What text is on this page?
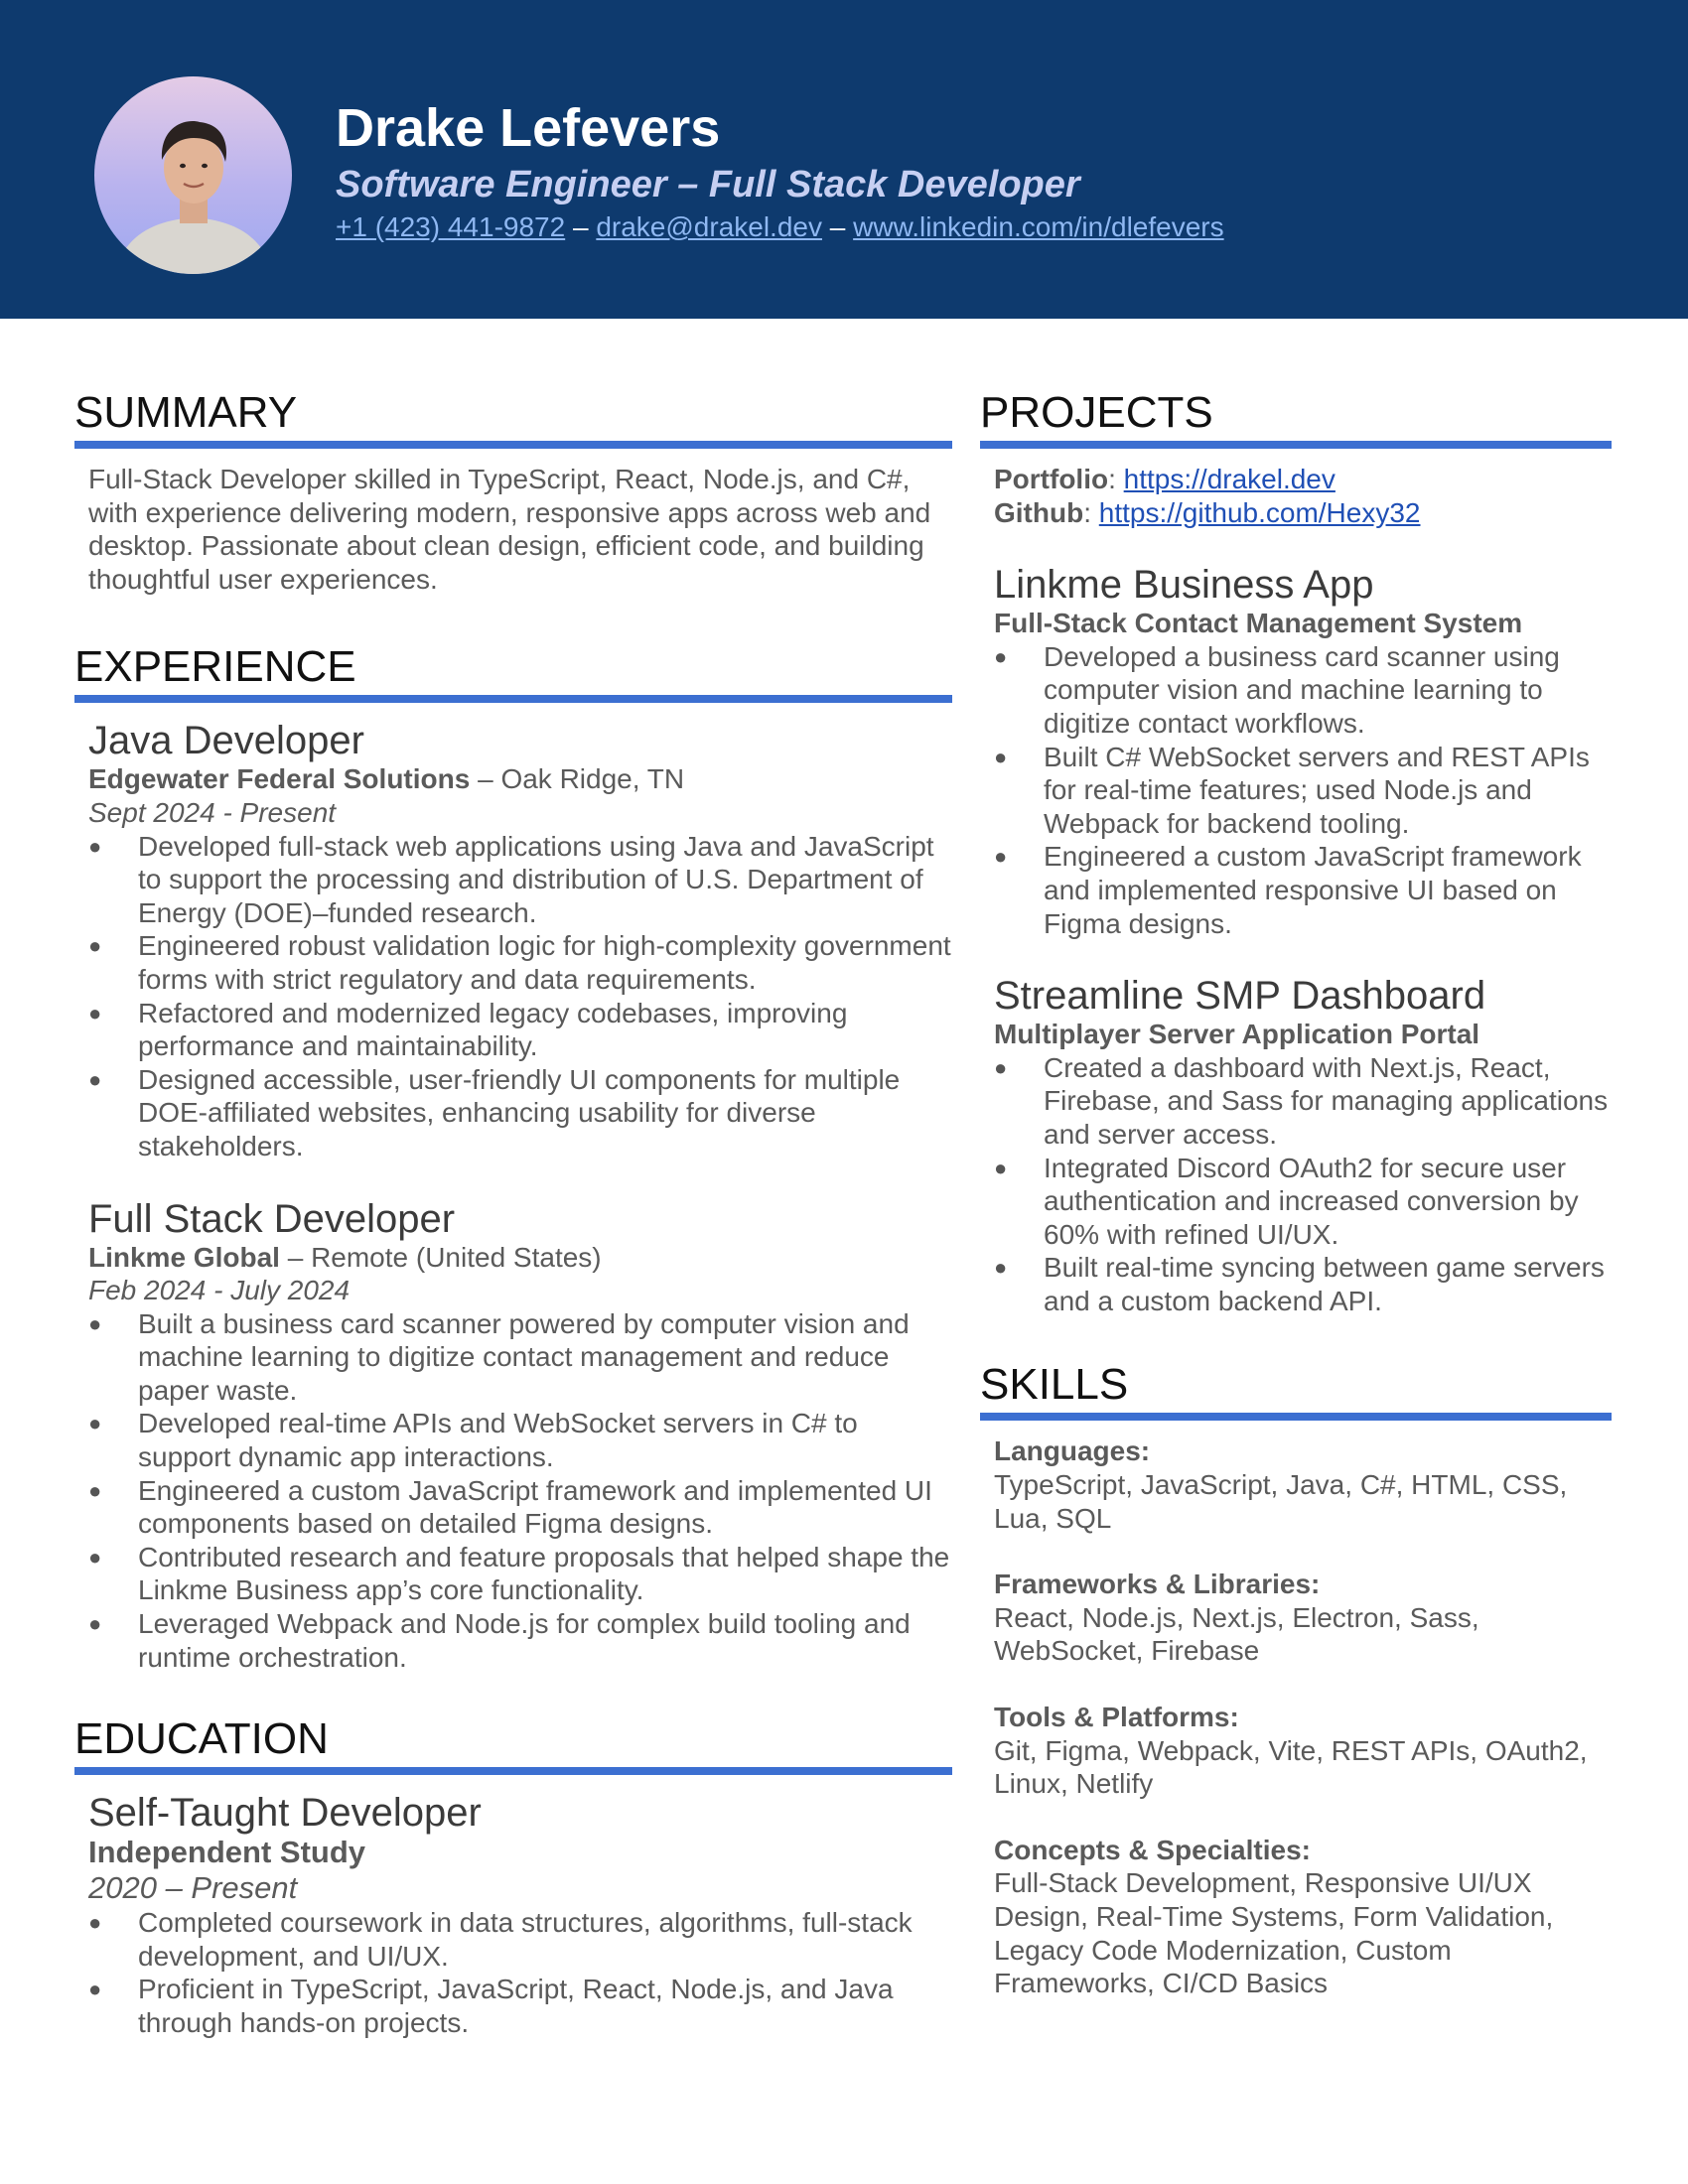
Drake Lefevers
Software Engineer – Full Stack Developer
+1 (423) 441-9872 – drake@drakel.dev – www.linkedin.com/in/dlefevers
SUMMARY
Full-Stack Developer skilled in TypeScript, React, Node.js, and C#, with experience delivering modern, responsive apps across web and desktop. Passionate about clean design, efficient code, and building thoughtful user experiences.
EXPERIENCE
Java Developer
Edgewater Federal Solutions – Oak Ridge, TN
Sept 2024 - Present
● Developed full-stack web applications using Java and JavaScript to support the processing and distribution of U.S. Department of Energy (DOE)–funded research.
● Engineered robust validation logic for high-complexity government forms with strict regulatory and data requirements.
● Refactored and modernized legacy codebases, improving performance and maintainability.
● Designed accessible, user-friendly UI components for multiple DOE-affiliated websites, enhancing usability for diverse stakeholders.
Full Stack Developer
Linkme Global – Remote (United States)
Feb 2024 - July 2024
● Built a business card scanner powered by computer vision and machine learning to digitize contact management and reduce paper waste.
● Developed real-time APIs and WebSocket servers in C# to support dynamic app interactions.
● Engineered a custom JavaScript framework and implemented UI components based on detailed Figma designs.
● Contributed research and feature proposals that helped shape the Linkme Business app’s core functionality.
● Leveraged Webpack and Node.js for complex build tooling and runtime orchestration.
EDUCATION
Self-Taught Developer
Independent Study
2020 – Present
● Completed coursework in data structures, algorithms, full-stack development, and UI/UX.
● Proficient in TypeScript, JavaScript, React, Node.js, and Java through hands-on projects.
PROJECTS
Portfolio: https://drakel.dev
Github: https://github.com/Hexy32
Linkme Business App
Full-Stack Contact Management System
● Developed a business card scanner using computer vision and machine learning to digitize contact workflows.
● Built C# WebSocket servers and REST APIs for real-time features; used Node.js and Webpack for backend tooling.
● Engineered a custom JavaScript framework and implemented responsive UI based on Figma designs.
Streamline SMP Dashboard
Multiplayer Server Application Portal
● Created a dashboard with Next.js, React, Firebase, and Sass for managing applications and server access.
● Integrated Discord OAuth2 for secure user authentication and increased conversion by 60% with refined UI/UX.
● Built real-time syncing between game servers and a custom backend API.
SKILLS
Languages:
TypeScript, JavaScript, Java, C#, HTML, CSS, Lua, SQL
Frameworks & Libraries:
React, Node.js, Next.js, Electron, Sass, WebSocket, Firebase
Tools & Platforms:
Git, Figma, Webpack, Vite, REST APIs, OAuth2, Linux, Netlify
Concepts & Specialties:
Full-Stack Development, Responsive UI/UX Design, Real-Time Systems, Form Validation, Legacy Code Modernization, Custom Frameworks, CI/CD Basics
